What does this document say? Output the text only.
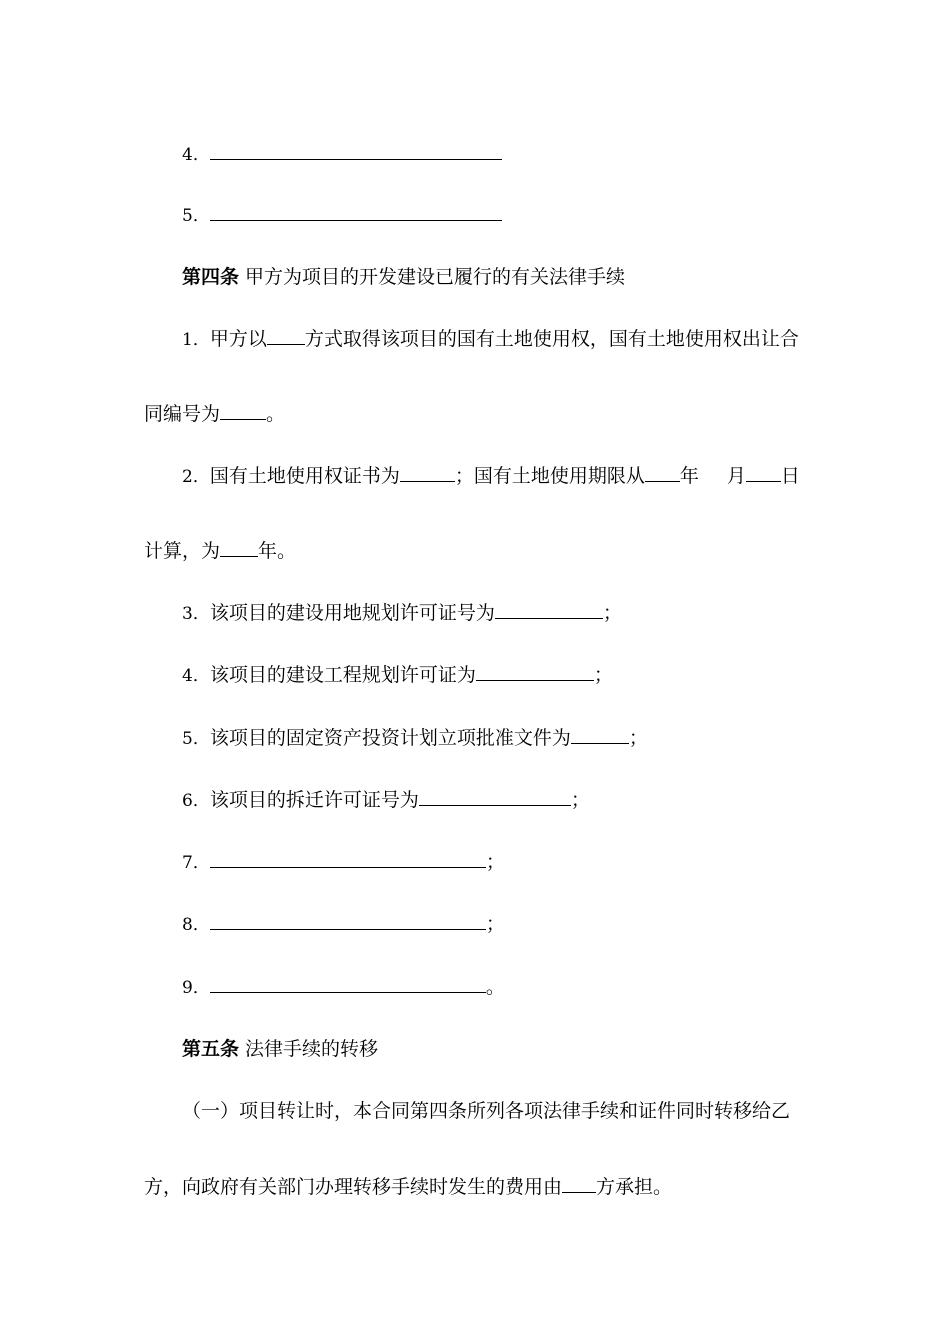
4．
5．
第四条 甲方为项目的开发建设已履行的有关法律手续
1．甲方以 方式取得该项目的国有土地使用权，国有土地使用权出让合
同编号为 。
2．国有土地使用权证书为	；国有土地使用期限从 年 月 日
计算，为 年。
3．该项目的建设用地规划许可证号为	；
4．该项目的建设工程规划许可证为	；
5．该项目的固定资产投资计划立项批准文件为	；
6．该项目的拆迁许可证号为	；
7．	；
8．	；
9．	。
第五条 法律手续的转移
（一）项目转让时，本合同第四条所列各项法律手续和证件同时转移给乙
方，向政府有关部门办理转移手续时发生的费用由 方承担。
